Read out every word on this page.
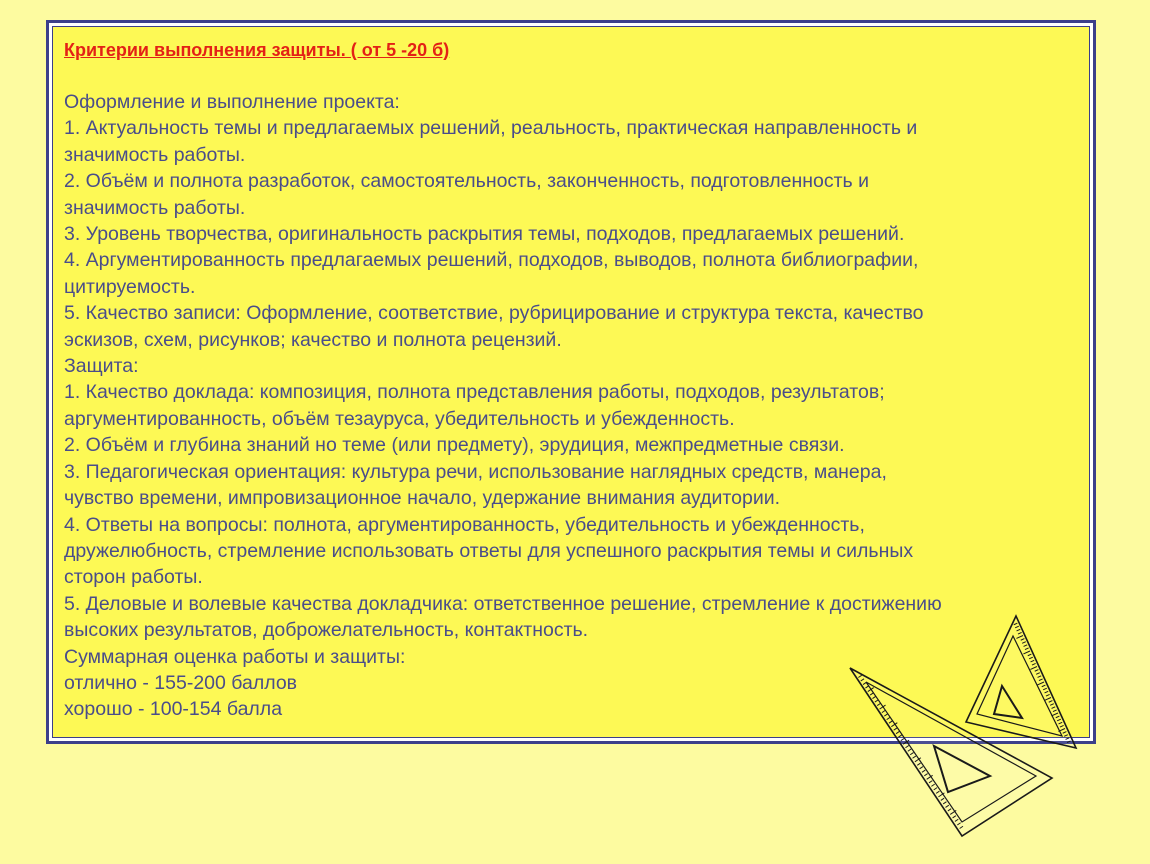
Критерии выполнения защиты. ( от 5 -20 б)
Оформление и выполнение проекта:
1. Актуальность темы и предлагаемых решений, реальность, практическая направленность и
значимость работы.
2. Объём и полнота разработок, самостоятельность, законченность, подготовленность и
значимость работы.
3. Уровень творчества, оригинальность раскрытия темы, подходов, предлагаемых решений.
4. Аргументированность предлагаемых решений, подходов, выводов, полнота библиографии,
цитируемость.
5. Качество записи: Оформление, соответствие, рубрицирование и структура текста, качество
эскизов, схем, рисунков; качество и полнота рецензий.
Защита:
1. Качество доклада: композиция, полнота представления работы, подходов, результатов;
аргументированность, объём тезауруса, убедительность и убежденность.
2. Объём и глубина знаний но теме (или предмету), эрудиция, межпредметные связи.
3. Педагогическая ориентация: культура речи, использование наглядных средств, манера,
чувство времени, импровизационное начало, удержание внимания аудитории.
4. Ответы на вопросы: полнота, аргументированность, убедительность и убежденность,
дружелюбность, стремление использовать ответы для успешного раскрытия темы и сильных
сторон работы.
5. Деловые и волевые качества докладчика: ответственное решение, стремление к достижению
высоких результатов, доброжелательность, контактность.
Суммарная оценка работы и защиты:
отлично - 155-200 баллов
хорошо - 100-154 балла
